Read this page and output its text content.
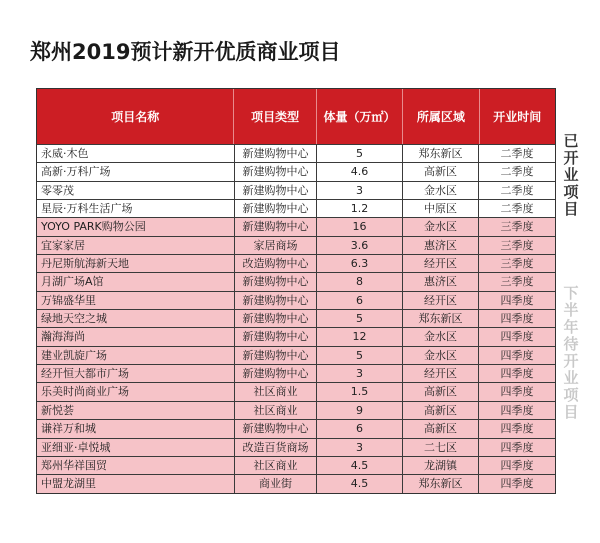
郑州2019预计新开优质商业项目
项目名称	项目类型	体量（万㎡）	所属区域	开业时间
永威·木色	新建购物中心	5	郑东新区	二季度
高新·万科广场	新建购物中心	4.6	高新区	二季度
零零茂	新建购物中心	3	金水区	二季度
星辰·万科生活广场	新建购物中心	1.2	中原区	二季度
YOYO PARK购物公园	新建购物中心	16	金水区	三季度
宜家家居	家居商场	3.6	惠济区	三季度
丹尼斯航海新天地	改造购物中心	6.3	经开区	三季度
月湖广场A馆	新建购物中心	8	惠济区	三季度
万锦盛华里	新建购物中心	6	经开区	四季度
绿地天空之城	新建购物中心	5	郑东新区	四季度
瀚海海尚	新建购物中心	12	金水区	四季度
建业凯旋广场	新建购物中心	5	金水区	四季度
经开恒大都市广场	新建购物中心	3	经开区	四季度
乐美时尚商业广场	社区商业	1.5	高新区	四季度
新悦荟	社区商业	9	高新区	四季度
谦祥万和城	新建购物中心	6	高新区	四季度
亚细亚·卓悦城	改造百货商场	3	二七区	四季度
郑州华祥国贸	社区商业	4.5	龙湖镇	四季度
中盟龙湖里	商业街	4.5	郑东新区	四季度
已
开
业
项
目
下
半
年
待
开
业
项
目
